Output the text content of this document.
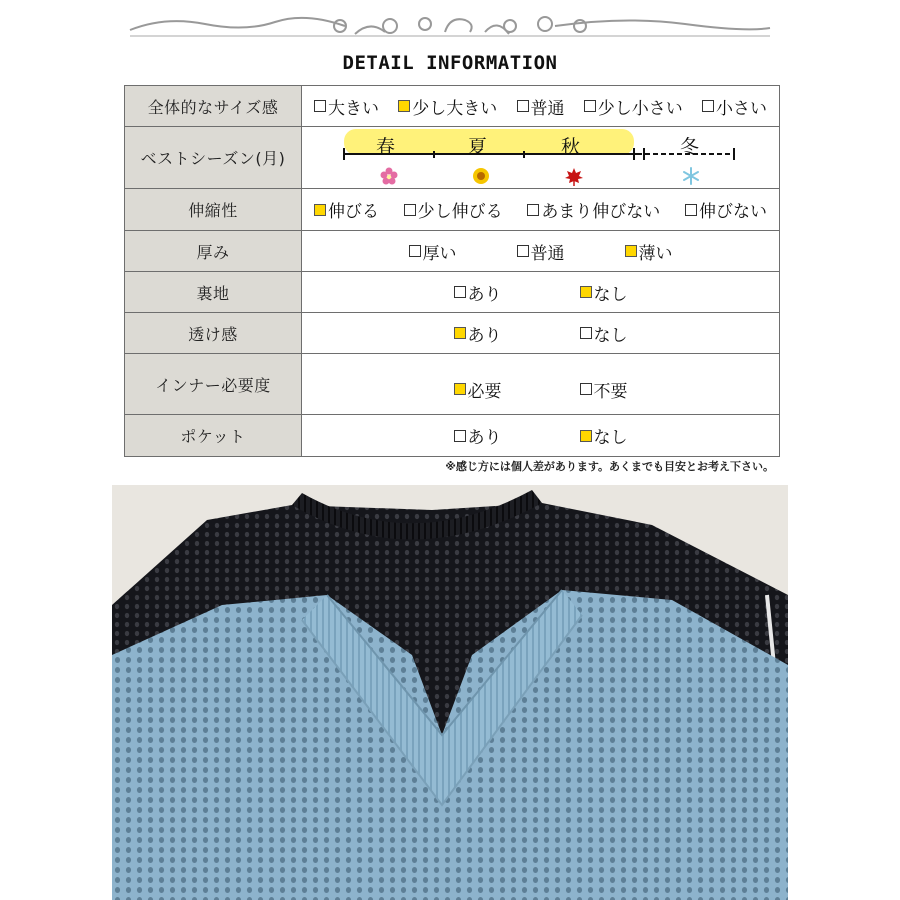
DETAIL INFORMATION
全体的なサイズ感	大きい 少し大きい 普通 少し小さい 小さい

ベストシーズン(月)	春 夏 秋 冬

伸縮性	伸びる 少し伸びる あまり伸びない 伸びない

厚み	厚い 普通 薄い

裏地	あり なし

透け感	あり なし

インナー必要度	必要 不要

ポケット	あり なし
※感じ方には個人差があります。あくまでも目安とお考え下さい。
